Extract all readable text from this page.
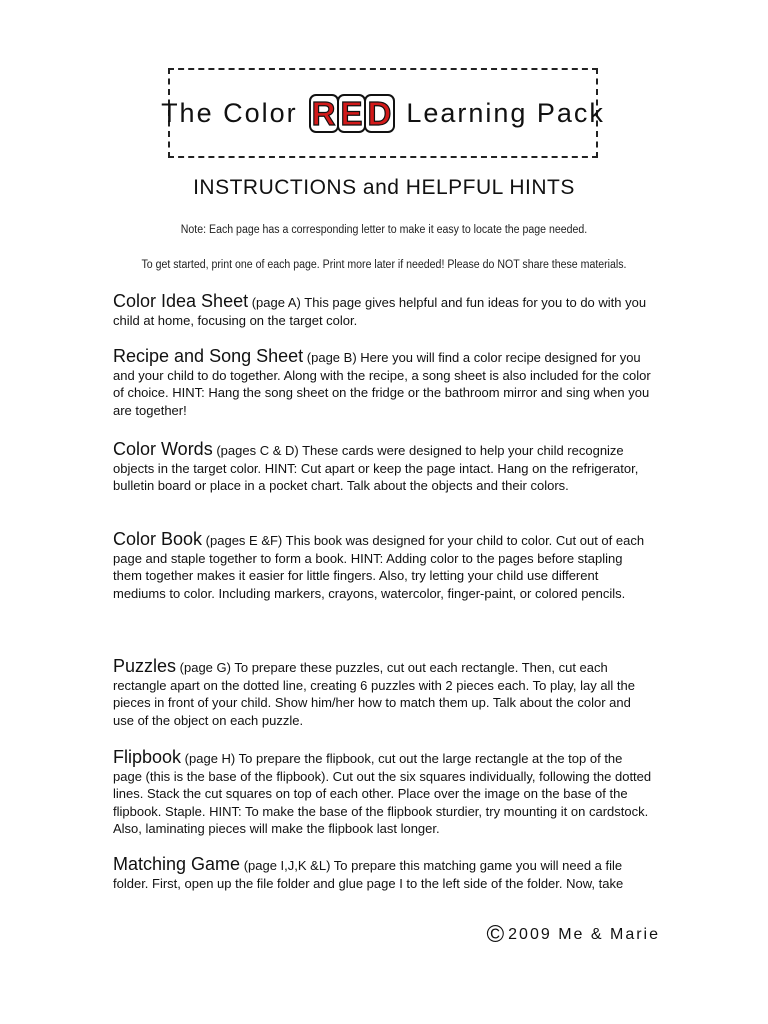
The Color R E D Learning Pack
INSTRUCTIONS and HELPFUL HINTS
Note: Each page has a corresponding letter to make it easy to locate the page needed.
To get started, print one of each page. Print more later if needed! Please do NOT share these materials.
Color Idea Sheet (page A) This page gives helpful and fun ideas for you to do with you child at home, focusing on the target color.
Recipe and Song Sheet (page B) Here you will find a color recipe designed for you and your child to do together. Along with the recipe, a song sheet is also included for the color of choice. HINT: Hang the song sheet on the fridge or the bathroom mirror and sing when you are together!
Color Words (pages C & D) These cards were designed to help your child recognize objects in the target color. HINT: Cut apart or keep the page intact. Hang on the refrigerator, bulletin board or place in a pocket chart. Talk about the objects and their colors.
Color Book (pages E &F) This book was designed for your child to color. Cut out of each page and staple together to form a book. HINT: Adding color to the pages before stapling them together makes it easier for little fingers. Also, try letting your child use different mediums to color. Including markers, crayons, watercolor, finger-paint, or colored pencils.
Puzzles (page G) To prepare these puzzles, cut out each rectangle. Then, cut each rectangle apart on the dotted line, creating 6 puzzles with 2 pieces each. To play, lay all the pieces in front of your child. Show him/her how to match them up. Talk about the color and use of the object on each puzzle.
Flipbook (page H) To prepare the flipbook, cut out the large rectangle at the top of the page (this is the base of the flipbook). Cut out the six squares individually, following the dotted lines. Stack the cut squares on top of each other. Place over the image on the base of the flipbook. Staple. HINT: To make the base of the flipbook sturdier, try mounting it on cardstock. Also, laminating pieces will make the flipbook last longer.
Matching Game (page I,J,K &L) To prepare this matching game you will need a file folder. First, open up the file folder and glue page I to the left side of the folder. Now, take
© 2009 Me & Marie
